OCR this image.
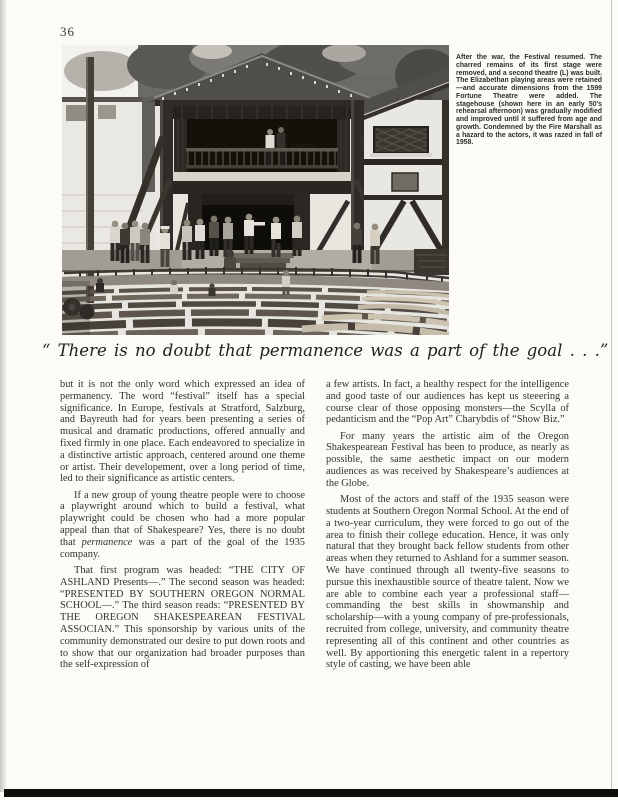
36
After the war, the Festival resumed. The charred remains of its first stage were removed, and a second theatre (L) was built. The Elizabethan playing areas were retained—and accurate dimensions from the 1599 Fortune Theatre were added. The stagehouse (shown here in an early 50's rehearsal afternoon) was gradually modified and improved until it suffered from age and growth. Condemned by the Fire Marshall as a hazard to the actors, it was razed in fall of 1958.
“ There is no doubt that permanence was a part of the goal . . .”

but it is not the only word which expressed an idea of permanency. The word “festival” itself has a special significance. In Europe, festivals at Stratford, Salzburg, and Bayreuth had for years been presenting a series of musical and dramatic productions, offered annually and fixed firmly in one place. Each endeavored to specialize in a distinctive artistic approach, centered around one theme or artist. Their developement, over a long period of time, led to their significance as artistic centers.

If a new group of young theatre people were to choose a playwright around which to build a festival, what playwright could be chosen who had a more popular appeal than that of Shakespeare? Yes, there is no doubt that permanence was a part of the goal of the 1935 company.

That first program was headed: “THE CITY OF ASHLAND Presents—.” The second season was headed: “PRESENTED BY SOUTHERN OREGON NORMAL SCHOOL—.” The third season reads: “PRESENTED BY THE OREGON SHAKESPEAREAN FESTIVAL ASSOCIAN.” This sponsorship by various units of the community demonstrated our desire to put down roots and to show that our organization had broader purposes than the self-expression of

a few artists. In fact, a healthy respect for the intelligence and good taste of our audiences has kept us steeering a course clear of those opposing monsters—the Scylla of pedanticism and the “Pop Art” Charybdis of “Show Biz.”

For many years the artistic aim of the Oregon Shakespearean Festival has been to produce, as nearly as possible, the same aesthetic impact on our modern audiences as was received by Shakespeare’s audiences at the Globe.

Most of the actors and staff of the 1935 season were students at Southern Oregon Normal School. At the end of a two-year curriculum, they were forced to go out of the area to finish their college education. Hence, it was only natural that they brought back fellow students from other areas when they returned to Ashland for a summer season. We have continued through all twenty-five seasons to pursue this inexhaustible source of theatre talent. Now we are able to combine each year a professional staff—commanding the best skills in showmanship and scholarship—with a young company of pre-professionals, recruited from college, university, and community theatre representing all of this continent and other countries as well. By apportioning this energetic talent in a repertory style of casting, we have been able
